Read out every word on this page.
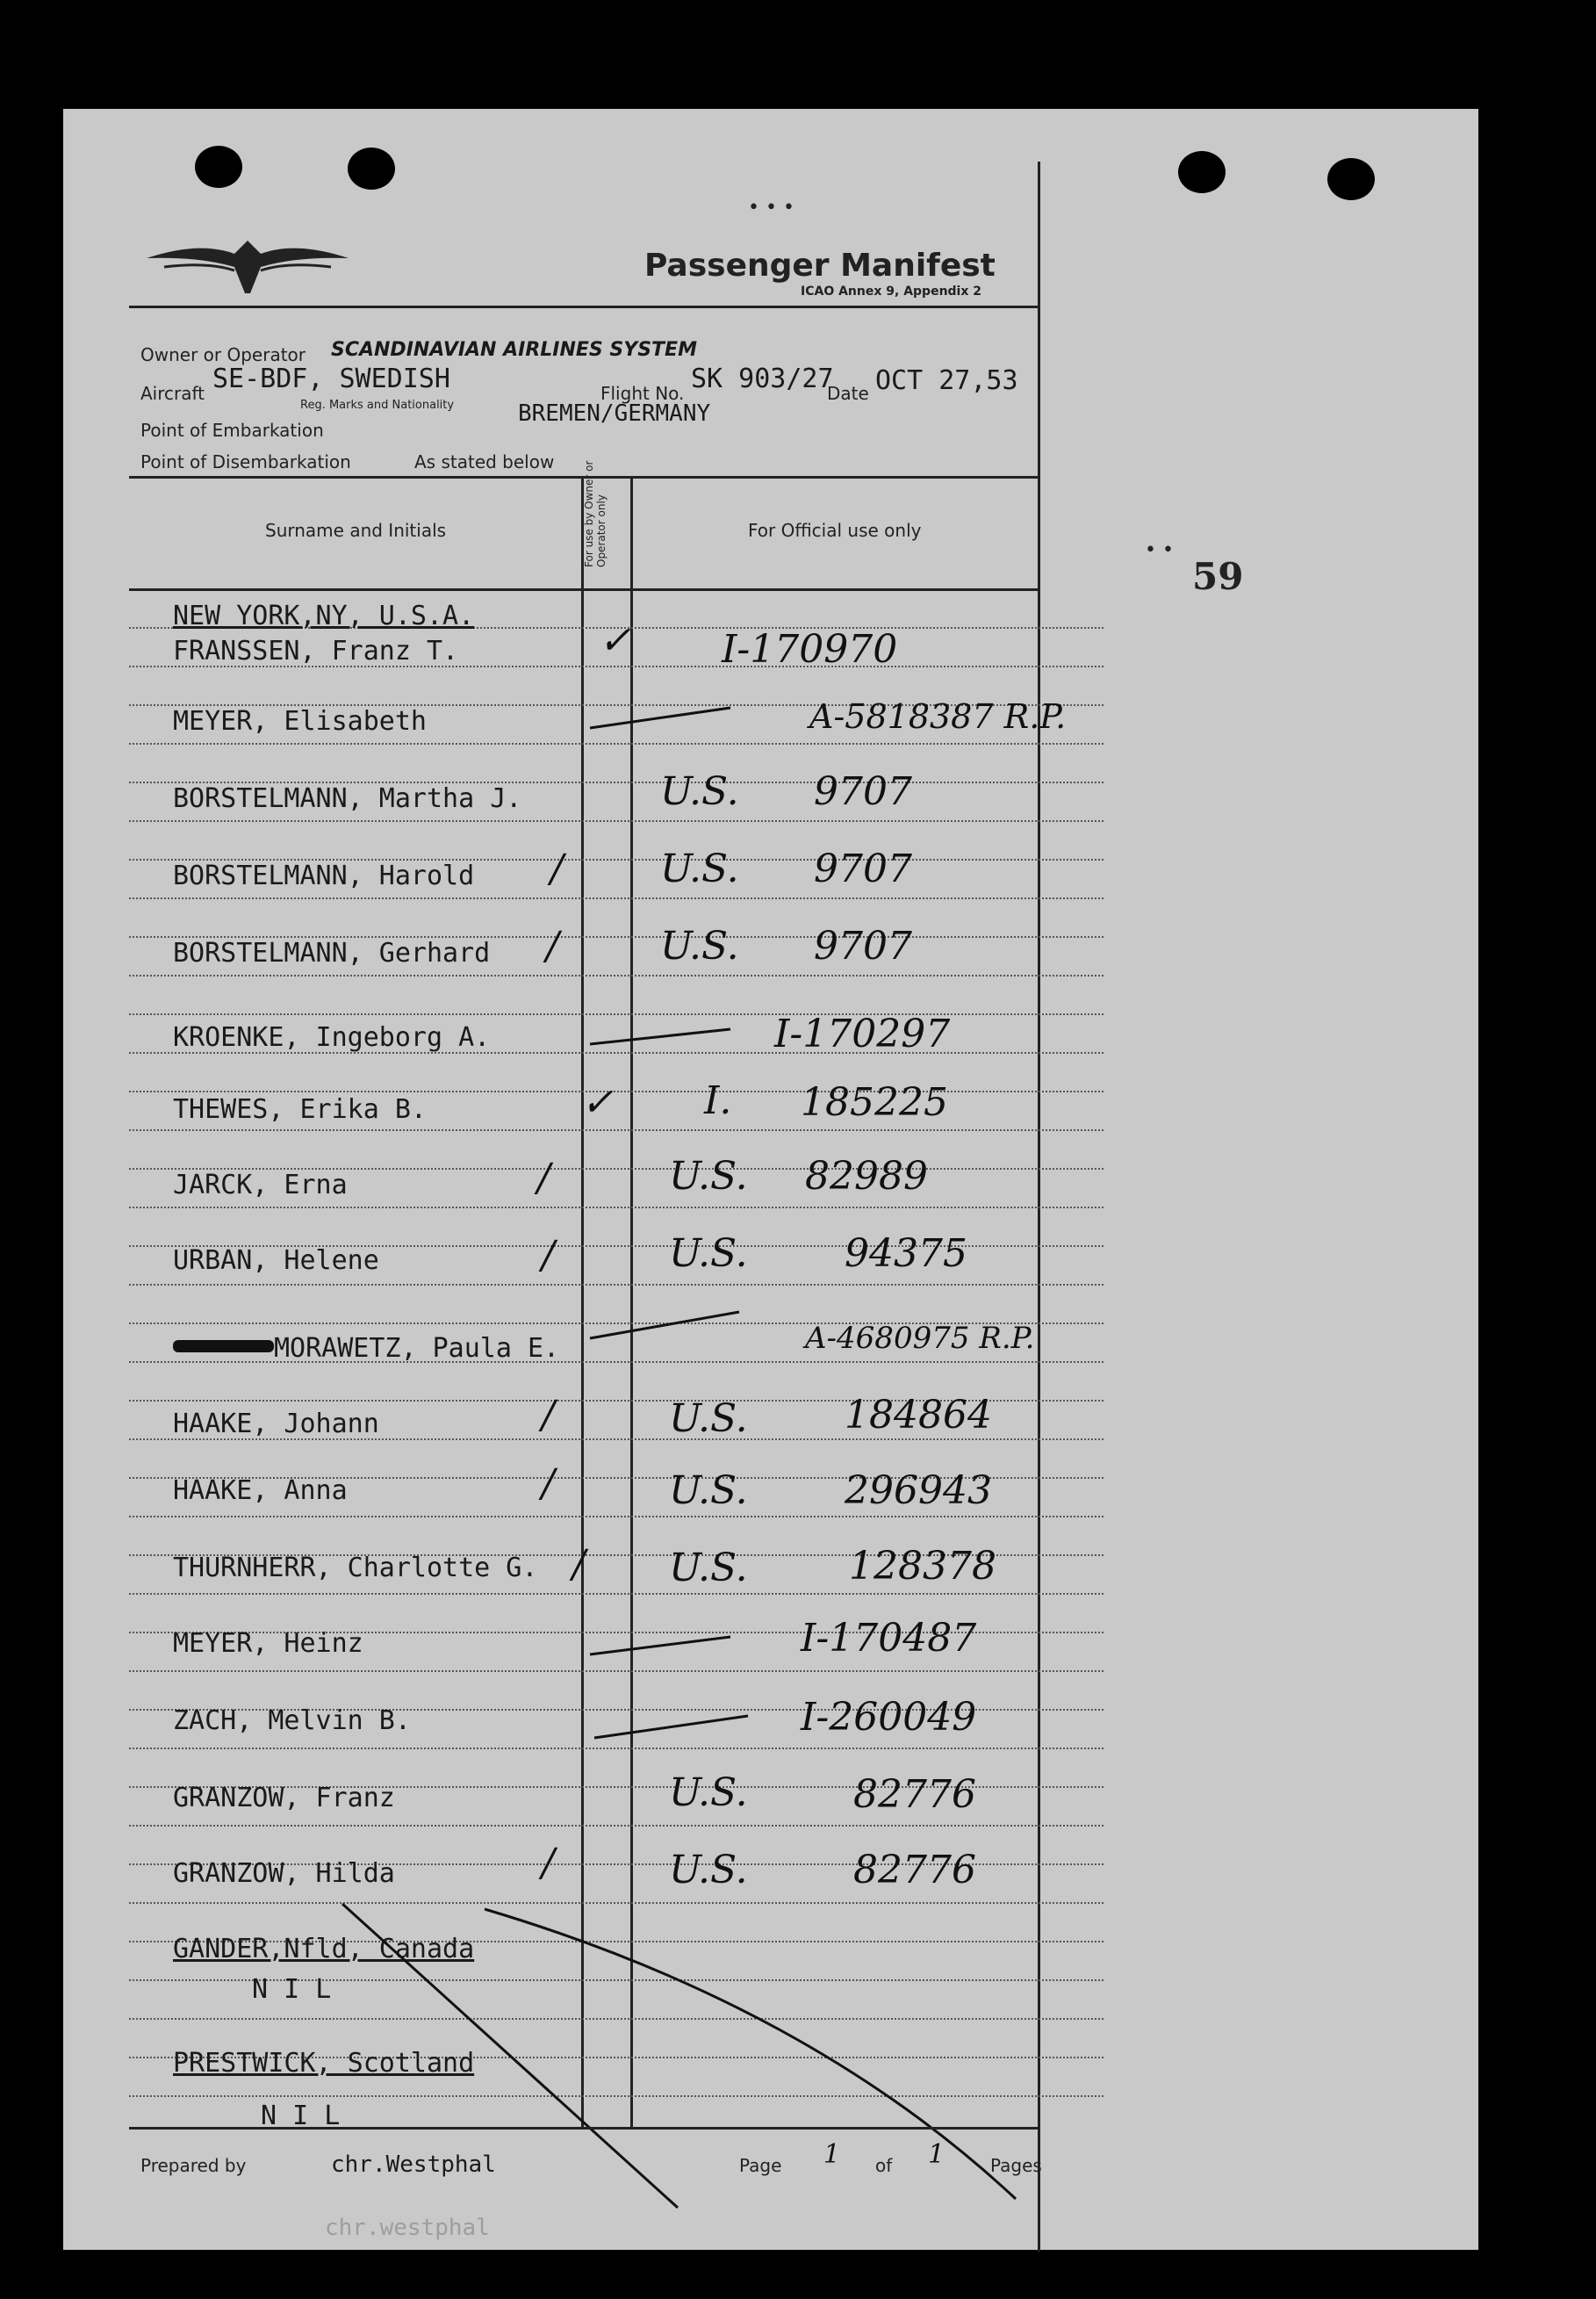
• • •
Passenger Manifest
ICAO Annex 9, Appendix 2
Owner or Operator SCANDINAVIAN AIRLINES SYSTEM
Aircraft SE-BDF, SWEDISH
Reg. Marks and Nationality
Flight No. SK 903/27
Date OCT 27,53
Point of Embarkation
BREMEN/GERMANY
Point of Disembarkation	As stated below
Surname and Initials	For use by Owner or Operator only	For Official use only
• •
59
NEW YORK,NY, U.S.A.
FRANSSEN, Franz T.	✓ I-170970
MEYER, Elisabeth	A-5818387 R.P.
BORSTELMANN, Martha J.	U.S. 9707
BORSTELMANN, Harold /	U.S. 9707
BORSTELMANN, Gerhard /	U.S. 9707
KROENKE, Ingeborg A.	I-170297
THEWES, Erika B.	✓ I. 185225
JARCK, Erna	/	U.S. 82989
URBAN, Helene	/	U.S.	94375
MORAWETZ, Paula E.	A-4680975 R.P.
HAAKE, Johann	/	U.S.	184864
HAAKE, Anna	/	U.S.	296943
THURNHERR, Charlotte G. / U.S.	128378
MEYER, Heinz	I-170487
ZACH, Melvin B.	I-260049
GRANZOW, Franz	U.S.	82776
GRANZOW, Hilda	/	U.S.	82776
GANDER,Nfld, Canada
N I L
PRESTWICK, Scotland
N I L
Prepared by	chr.Westphal	Page 1 of 1	Pages
chr.westphal
